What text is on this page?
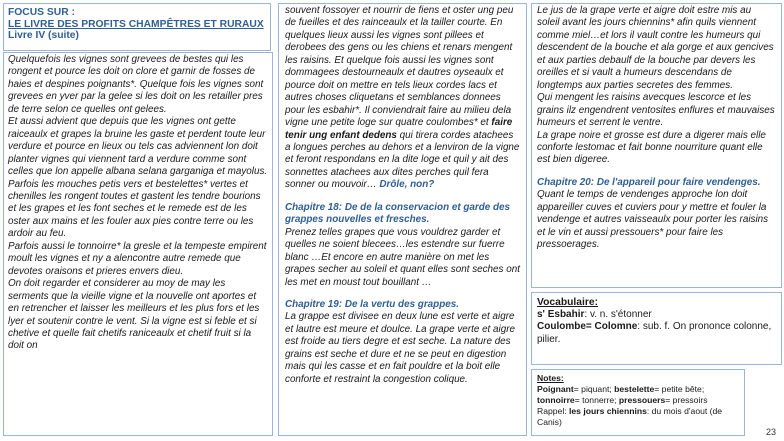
FOCUS SUR :
LE LIVRE DES PROFITS CHAMPÊTRES ET RURAUX
Livre IV (suite)

Quelquefois les vignes sont grevees de bestes qui les rongent et pource les doit on clore et garnir de fosses de haies et despines poignants*. Quelque fois les vignes sont grevees en yver par la gelee si les doit on les retailler pres de terre selon ce quelles ont gelees.

Et aussi advient que depuis que les vignes ont gette raiceaulx et grapes la bruine les gaste et perdent toute leur verdure et pource en lieux ou tels cas adviennent lon doit planter vignes qui viennent tard a verdure comme sont celles que lon appelle albana selana garganiga et mayolus. Parfois les mouches petis vers et bestelettes* vertes et chenilles les rongent toutes et gastent les tendre bourions et les grapes et les font seches et le remede est de les oster aux mains et les fouler aux pies contre terre ou les ardoir au feu.

Parfois aussi le tonnoirre* la gresle et la tempeste empirent moult les vignes et ny a alencontre autre remede que devotes oraisons et prieres envers dieu.

On doit regarder et considerer au moy de may les serments que la vieille vigne et la nouvelle ont aportes et en retrencher et laisser les meilleurs et les plus fors et les lyer et soutenir contre le vent. Si la vigne est si feble et si chetive et quelle fait chetifs raniceaulx et chetif fruit si la doit on

souvent fossoyer et nourrir de fiens et oster ung peu de fueilles et des rainceaulx et la tailler courte. En quelques lieux aussi les vignes sont pillees et derobees des gens ou les chiens et renars mengent les raisins. Et quelque fois aussi les vignes sont dommagees destourneaulx et dautres oyseaulx et pource doit on mettre en tels lieux cordes lacs et autres choses cliquetans et semblances donnees pour les esbahir*. Il conviendrait faire au milieu dela vigne une petite loge sur quatre coulombes* et faire tenir ung enfant dedens qui tirera cordes atachees a longues perches au dehors et a lenviron de la vigne et feront respondans en la dite loge et quil y ait des sonnettes atachees aux dites perches quil fera sonner ou mouvoir… Drôle, non?

Chapitre 18: De de la conservacion et garde des grappes nouvelles et fresches.

Prenez telles grapes que vous vouldrez garder et quelles ne soient blecees…les estendre sur fuerre blanc …Et encore en autre manière on met les grapes secher au soleil et quant elles sont seches ont les met en moust tout bouillant …

Chapitre 19: De la vertu des grappes.

La grappe est divisee en deux lune est verte et aigre et lautre est meure et doulce. La grape verte et aigre est froide au tiers degre et est seche. La nature des grains est seche et dure et ne se peut en digestion mais qui les casse et en fait pouldre et la boit elle conforte et restraint la congestion colique.

Le jus de la grape verte et aigre doit estre mis au soleil avant les jours chiennins* afin quils viennent comme miel…et lors il vault contre les humeurs qui descendent de la bouche et ala gorge et aux gencives et aux parties debaulf de la bouche par devers les oreilles et si vault a humeurs descendans de longtemps aux parties secretes des femmes.

Qui mengent les raisins avecques lescorce et les grains ilz engendrent ventosites enflures et mauvaises humeurs et serrent le ventre.

La grape noire et grosse est dure a digerer mais elle conforte lestomac et fait bonne nourriture quant elle est bien digeree.

Chapitre 20: De l'appareil pour faire vendenges.

Quant le temps de vendenges approche lon doit appareiller cuves et cuviers pour y mettre et fouler la vendenge et autres vaisseaulx pour porter les raisins et le vin et aussi pressouers* pour faire les pressoerages.

Vocabulaire:
s' Esbahir: v. n. s'étonner
Coulombe= Colomne: sub. f. On prononce colonne, pilier.
Notes:
Poignant= piquant; bestelette= petite bête; tonnoirre= tonnerre; pressouers= pressoirs
Rappel: les jours chiennins: du mois d'aout (de Canis)
23
